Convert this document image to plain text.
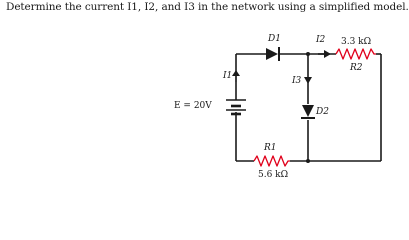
Determine the current I1, I2, and I3 in the network using a simplified model.
D1	I2 3.3 kΩ
R2
I1	I3
E = 20V
D2
R1
5.6 kΩ
